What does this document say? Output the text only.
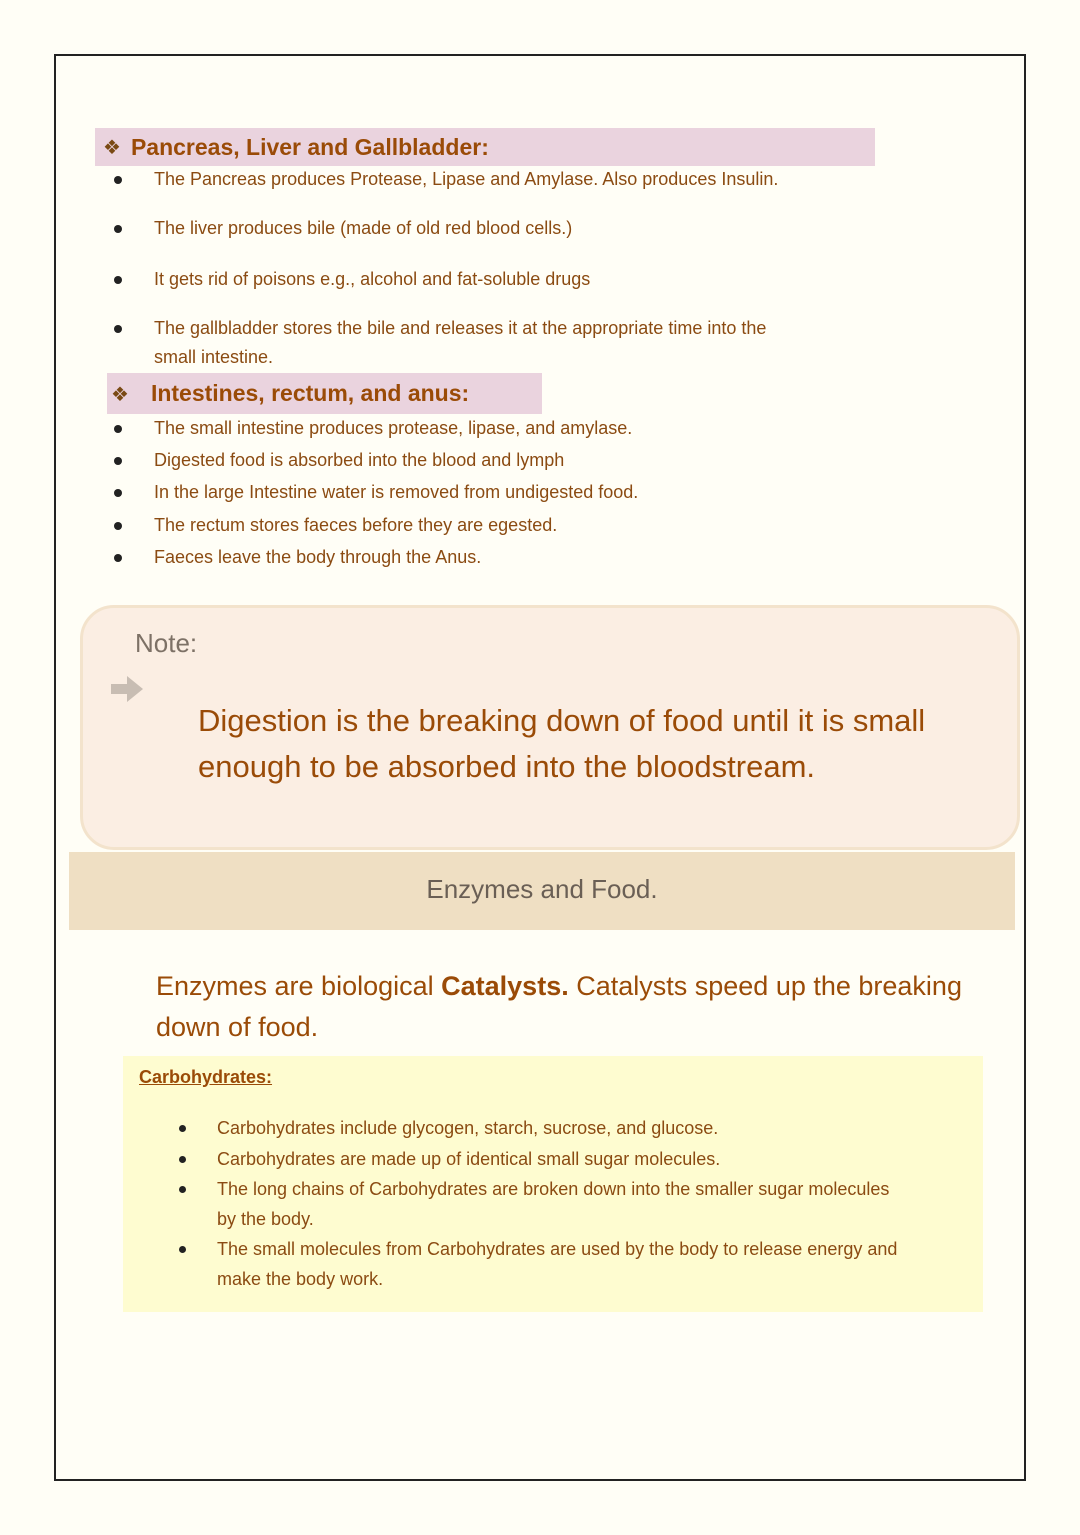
❖ Pancreas, Liver and Gallbladder:
The Pancreas produces Protease, Lipase and Amylase. Also produces Insulin.
The liver produces bile (made of old red blood cells.)
It gets rid of poisons e.g., alcohol and fat-soluble drugs
The gallbladder stores the bile and releases it at the appropriate time into the
small intestine.
❖ Intestines, rectum, and anus:
The small intestine produces protease, lipase, and amylase.
Digested food is absorbed into the blood and lymph
In the large Intestine water is removed from undigested food.
The rectum stores faeces before they are egested.
Faeces leave the body through the Anus.
Note:
Digestion is the breaking down of food until it is small
enough to be absorbed into the bloodstream.
Enzymes and Food.
Enzymes are biological Catalysts. Catalysts speed up the breaking
down of food.
Carbohydrates:
Carbohydrates include glycogen, starch, sucrose, and glucose.
Carbohydrates are made up of identical small sugar molecules.
The long chains of Carbohydrates are broken down into the smaller sugar molecules
by the body.
The small molecules from Carbohydrates are used by the body to release energy and
make the body work.
